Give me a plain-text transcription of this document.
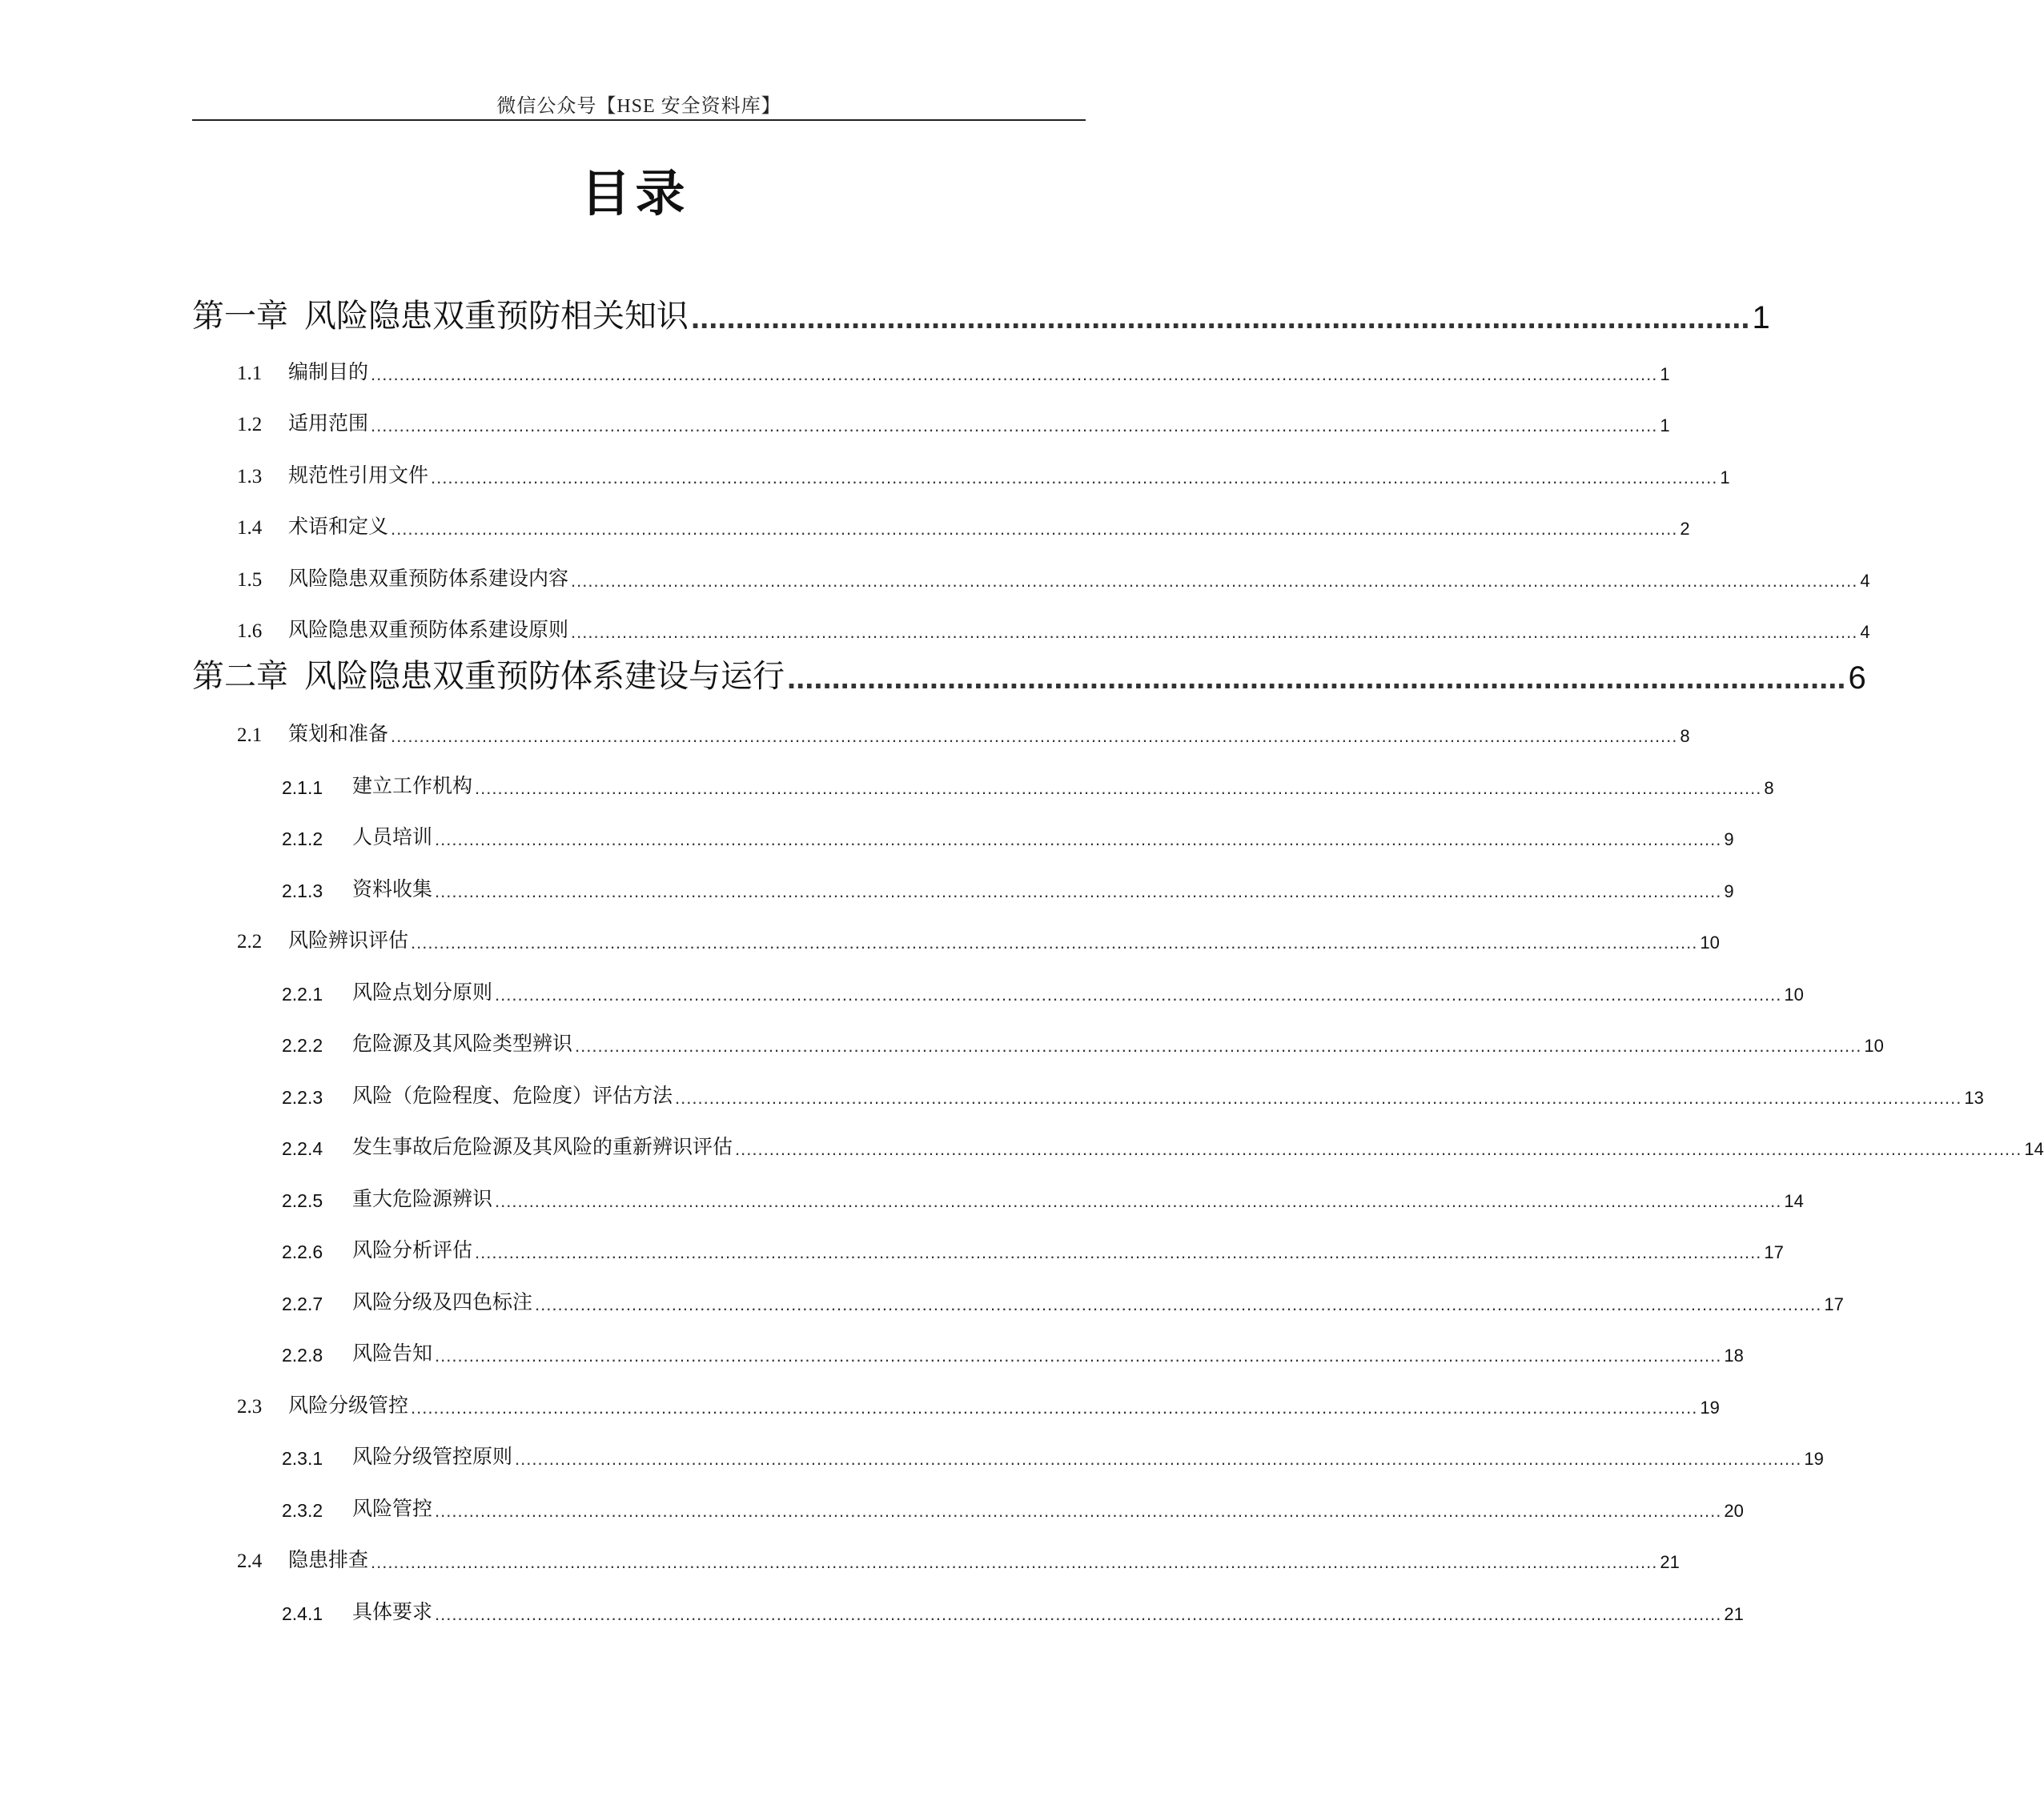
微信公众号【HSE 安全资料库】
目录
第一章 风险隐患双重预防相关知识 ....................................................................................................................... 1
1.1	编制目的 .................................................................................................................................................................................................................................. 1
1.2	适用范围 .................................................................................................................................................................................................................................. 1
1.3	规范性引用文件 .................................................................................................................................................................................................................................. 1
1.4	术语和定义 .................................................................................................................................................................................................................................. 2
1.5	风险隐患双重预防体系建设内容 .................................................................................................................................................................................................................................. 4
1.6	风险隐患双重预防体系建设原则 .................................................................................................................................................................................................................................. 4
第二章 风险隐患双重预防体系建设与运行 ....................................................................................................................... 6
2.1	策划和准备 .................................................................................................................................................................................................................................. 8
2.1.1	建立工作机构 .................................................................................................................................................................................................................................. 8
2.1.2	人员培训 .................................................................................................................................................................................................................................. 9
2.1.3	资料收集 .................................................................................................................................................................................................................................. 9
2.2	风险辨识评估 .................................................................................................................................................................................................................................. 10
2.2.1	风险点划分原则 .................................................................................................................................................................................................................................. 10
2.2.2	危险源及其风险类型辨识 .................................................................................................................................................................................................................................. 10
2.2.3	风险（危险程度、危险度）评估方法 .................................................................................................................................................................................................................................. 13
2.2.4	发生事故后危险源及其风险的重新辨识评估 .................................................................................................................................................................................................................................. 14
2.2.5	重大危险源辨识 .................................................................................................................................................................................................................................. 14
2.2.6	风险分析评估 .................................................................................................................................................................................................................................. 17
2.2.7	风险分级及四色标注 .................................................................................................................................................................................................................................. 17
2.2.8	风险告知 .................................................................................................................................................................................................................................. 18
2.3	风险分级管控 .................................................................................................................................................................................................................................. 19
2.3.1	风险分级管控原则 .................................................................................................................................................................................................................................. 19
2.3.2	风险管控 .................................................................................................................................................................................................................................. 20
2.4	隐患排查 .................................................................................................................................................................................................................................. 21
2.4.1	具体要求 .................................................................................................................................................................................................................................. 21
